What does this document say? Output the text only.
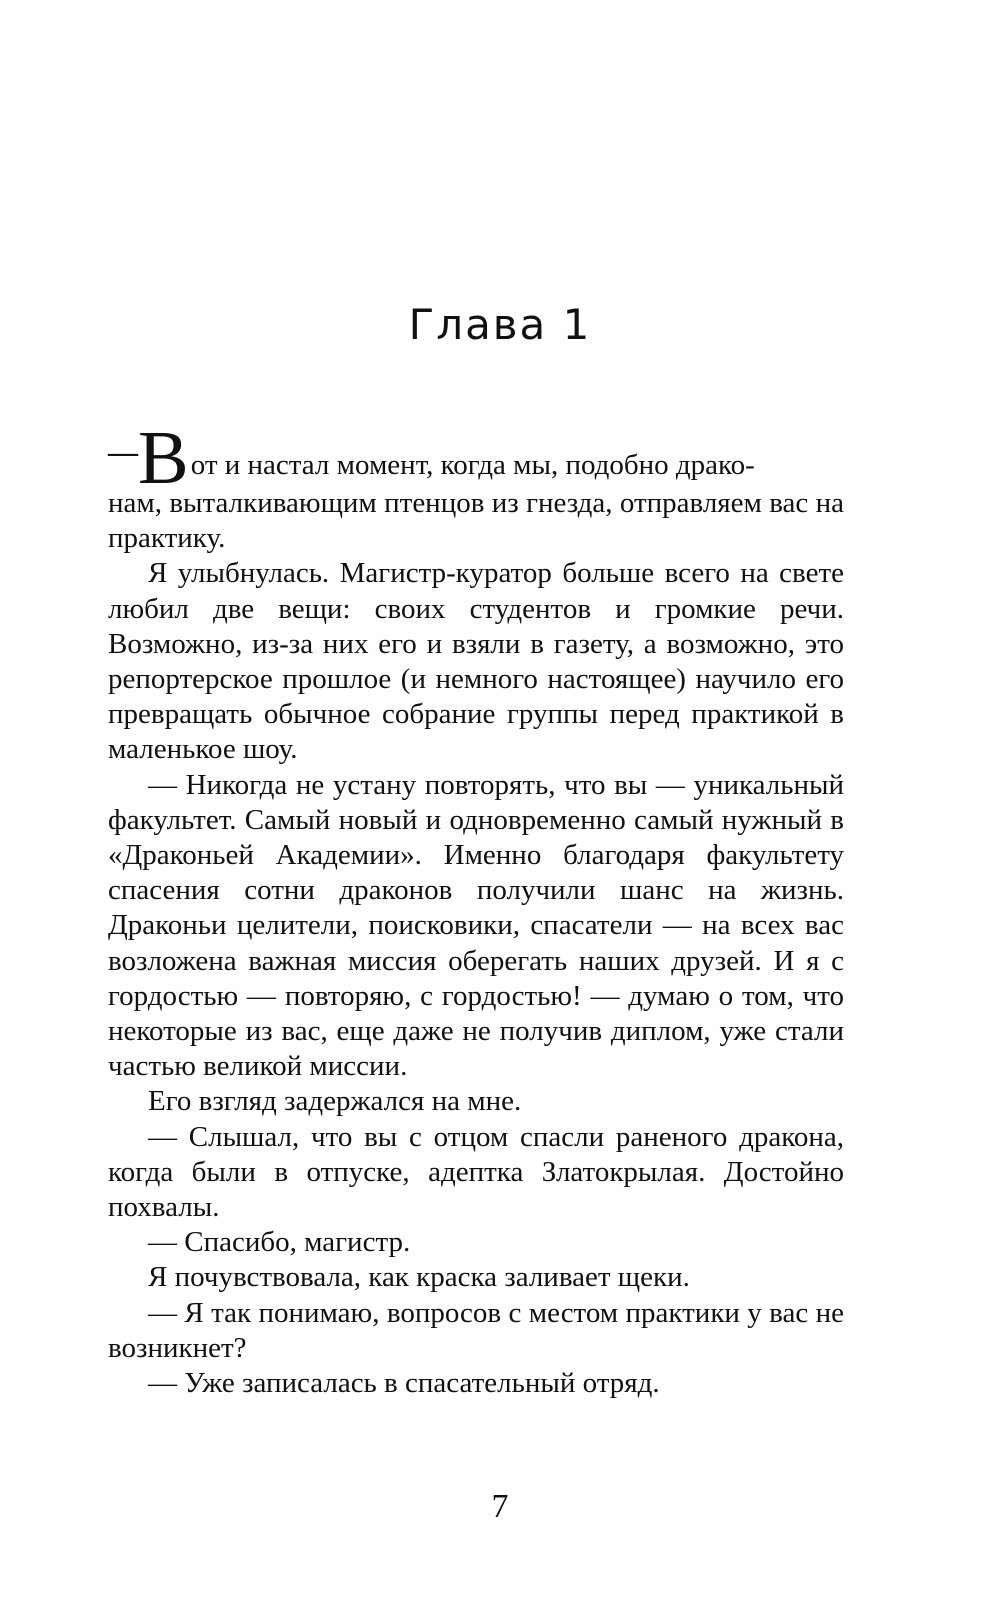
Глава 1
— В от и настал момент, когда мы, подобно драко-

нам, выталкивающим птенцов из гнезда, отправляем вас на практику.

Я улыбнулась. Магистр-куратор больше всего на свете любил две вещи: своих студентов и громкие речи. Возможно, из-за них его и взяли в газету, а возможно, это репортерское прошлое (и немного настоящее) научило его превращать обычное собрание группы перед практикой в маленькое шоу.

— Никогда не устану повторять, что вы — уникальный факультет. Самый новый и одновременно самый нужный в «Драконьей Академии». Именно благодаря факультету спасения сотни драконов получили шанс на жизнь. Драконьи целители, поисковики, спасатели — на всех вас возложена важная миссия оберегать наших друзей. И я с гордостью — повторяю, с гордостью! — думаю о том, что некоторые из вас, еще даже не получив диплом, уже стали частью великой миссии.

Его взгляд задержался на мне.

— Слышал, что вы с отцом спасли раненого дракона, когда были в отпуске, адептка Златокрылая. Достойно похвалы.

— Спасибо, магистр.

Я почувствовала, как краска заливает щеки.

— Я так понимаю, вопросов с местом практики у вас не возникнет?

— Уже записалась в спасательный отряд.

7
